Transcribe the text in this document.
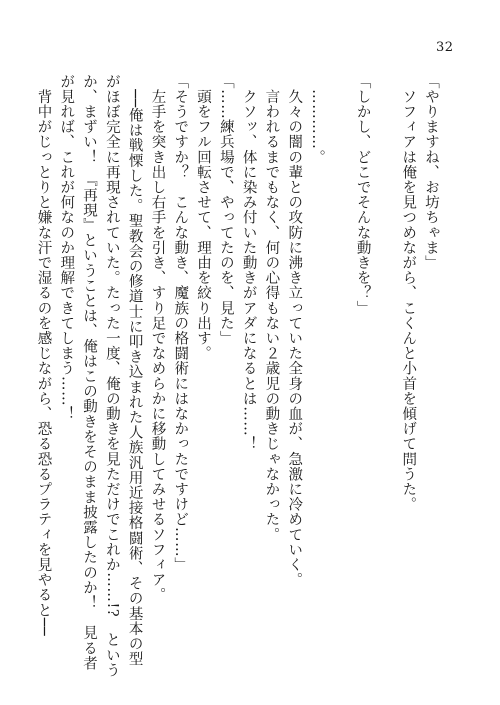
32
「やりますね、お坊ちゃま」
　ソフィアは俺を見つめながら、こくんと小首を傾げて問うた。
「しかし、どこでそんな動きを？」
　…………。
　久々の闇の輩との攻防に沸き立っていた全身の血が、急激に冷めていく。
　言われるまでもなく、何の心得もない２歳児の動きじゃなかった。
　クソッ、体に染み付いた動きがアダになるとは……！
「……練兵場で、やってたのを、見た」
　頭をフル回転させて、理由を絞り出す。
「そうですか？　こんな動き、魔族の格闘術にはなかったですけど……」
　左手を突き出し右手を引き、すり足でなめらかに移動してみせるソフィア。
　──俺は戦慄した。聖教会の修道士に叩き込まれた人族汎用近接格闘術、その基本の型
がほぼ完全に再現されていた。たった一度、俺の動きを見ただけでこれか……!?　という
か、まずい！　『再現』ということは、俺はこの動きをそのまま披露したのか！　見る者
が見れば、これが何なのか理解できてしまう……！
　背中がじっとりと嫌な汗で湿るのを感じながら、恐る恐るプラティを見やると──
